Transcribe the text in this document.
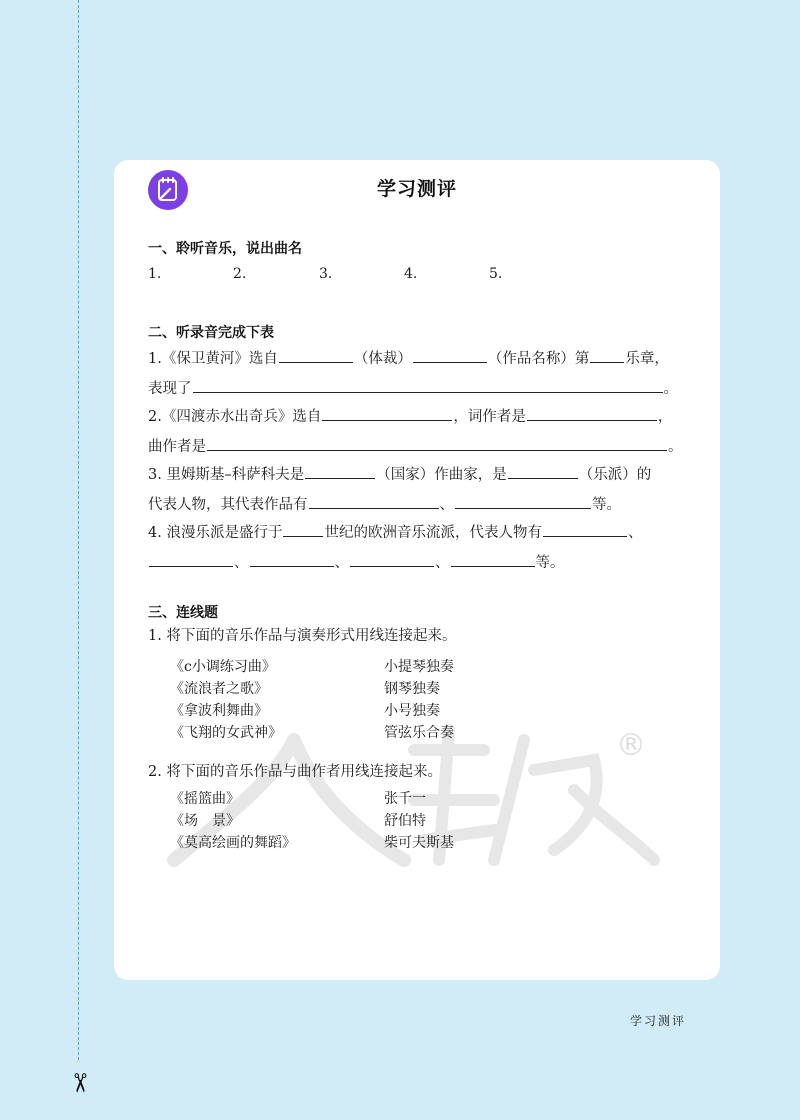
✂
学习测评
®
一、聆听音乐，说出曲名
1.	2.	3.	4.	5.
二、听录音完成下表
1.《保卫黄河》选自	（体裁）	（作品名称）第 乐章，
表现了	。
2.《四渡赤水出奇兵》选自	，词作者是	，
曲作者是	。
3. 里姆斯基–科萨科夫是	（国家）作曲家，是	（乐派）的
代表人物，其代表作品有	、	等。
4. 浪漫乐派是盛行于	世纪的欧洲音乐流派，代表人物有	、
、	、	、	等。
三、连线题
1. 将下面的音乐作品与演奏形式用线连接起来。
《c小调练习曲》	小提琴独奏
《流浪者之歌》	钢琴独奏
《拿波利舞曲》	小号独奏
《飞翔的女武神》	管弦乐合奏
2. 将下面的音乐作品与曲作者用线连接起来。
《摇篮曲》	张千一
《场　景》	舒伯特
《莫高绘画的舞蹈》	柴可夫斯基
学习测评
